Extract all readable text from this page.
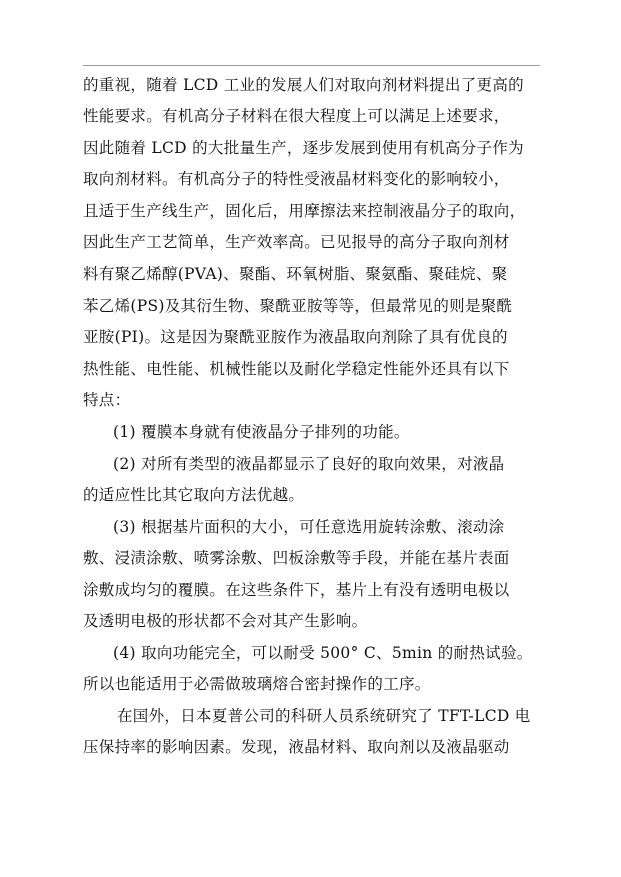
的重视，随着 LCD 工业的发展人们对取向剂材料提出了更高的
性能要求。有机高分子材料在很大程度上可以满足上述要求，
因此随着 LCD 的大批量生产，逐步发展到使用有机高分子作为
取向剂材料。有机高分子的特性受液晶材料变化的影响较小，
且适于生产线生产，固化后，用摩擦法来控制液晶分子的取向，
因此生产工艺简单，生产效率高。已见报导的高分子取向剂材
料有聚乙烯醇(PVA)、聚酯、环氧树脂、聚氨酯、聚硅烷、聚
苯乙烯(PS)及其衍生物、聚酰亚胺等等，但最常见的则是聚酰
亚胺(PI)。这是因为聚酰亚胺作为液晶取向剂除了具有优良的
热性能、电性能、机械性能以及耐化学稳定性能外还具有以下
特点：
(1) 覆膜本身就有使液晶分子排列的功能。
(2) 对所有类型的液晶都显示了良好的取向效果，对液晶
的适应性比其它取向方法优越。
(3) 根据基片面积的大小，可任意选用旋转涂敷、滚动涂
敷、浸渍涂敷、喷雾涂敷、凹板涂敷等手段，并能在基片表面
涂敷成均匀的覆膜。在这些条件下，基片上有没有透明电极以
及透明电极的形状都不会对其产生影响。
(4) 取向功能完全，可以耐受 500° C、5min 的耐热试验。
所以也能适用于必需做玻璃熔合密封操作的工序。
在国外，日本夏普公司的科研人员系统研究了 TFT-LCD 电
压保持率的影响因素。发现，液晶材料、取向剂以及液晶驱动
